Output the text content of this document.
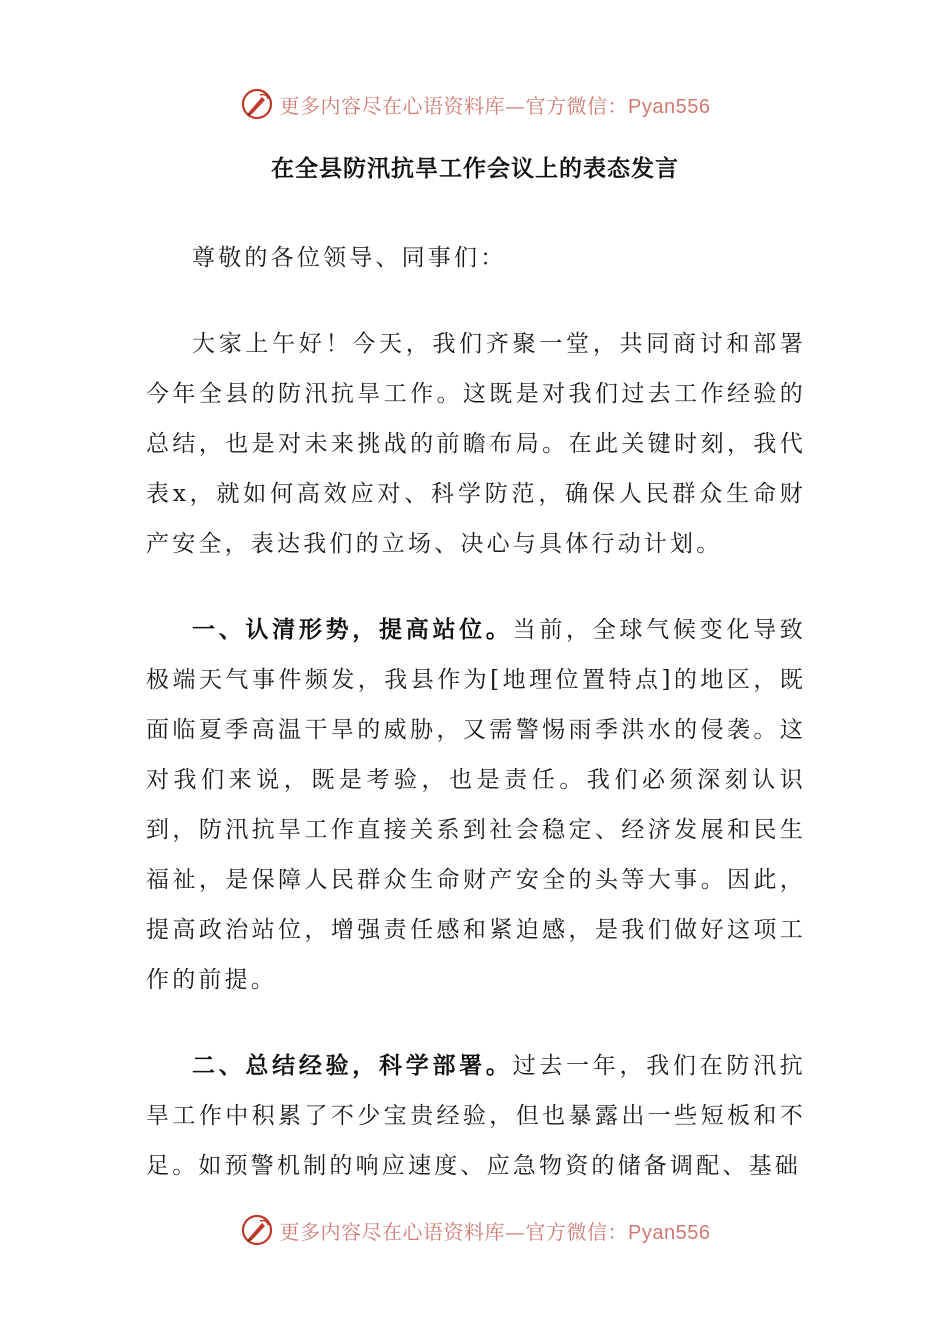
更多内容尽在心语资料库—官方微信：Pyan556
在全县防汛抗旱工作会议上的表态发言

尊敬的各位领导、同事们：

大家上午好！今天，我们齐聚一堂，共同商讨和部署今年全县的防汛抗旱工作。这既是对我们过去工作经验的总结，也是对未来挑战的前瞻布局。在此关键时刻，我代表x，就如何高效应对、科学防范，确保人民群众生命财产安全，表达我们的立场、决心与具体行动计划。

一、认清形势，提高站位。当前，全球气候变化导致极端天气事件频发，我县作为[地理位置特点]的地区，既面临夏季高温干旱的威胁，又需警惕雨季洪水的侵袭。这对我们来说，既是考验，也是责任。我们必须深刻认识到，防汛抗旱工作直接关系到社会稳定、经济发展和民生福祉，是保障人民群众生命财产安全的头等大事。因此，提高政治站位，增强责任感和紧迫感，是我们做好这项工作的前提。

二、总结经验，科学部署。过去一年，我们在防汛抗旱工作中积累了不少宝贵经验，但也暴露出一些短板和不足。如预警机制的响应速度、应急物资的储备调配、基础

更多内容尽在心语资料库—官方微信：Pyan556
